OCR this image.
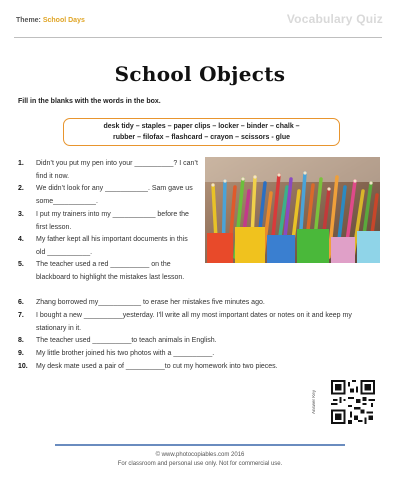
Theme: School Days	Vocabulary Quiz
School Objects
Fill in the blanks with the words in the box.
desk tidy – staples – paper clips – locker – binder – chalk –
rubber – filofax – flashcard – crayon – scissors - glue
1. Didn’t you put my pen into your __________? I can’t find it now.
2. We didn’t look for any ___________. Sam gave us some___________.
3. I put my trainers into my ___________ before the first lesson.
4. My father kept all his important documents in this old ___________.
5. The teacher used a red __________ on the blackboard to highlight the mistakes last lesson.
6. Zhang borrowed my___________ to erase her mistakes five minutes ago.
7. I bought a new __________yesterday. I’ll write all my most important dates or notes on it and keep my stationary in it.
8. The teacher used __________to teach animals in English.
9. My little brother joined his two photos with a __________.
10. My desk mate used a pair of __________to cut my homework into two pieces.
Answer Key
© www.photocopiables.com 2016
For classroom and personal use only. Not for commercial use.
